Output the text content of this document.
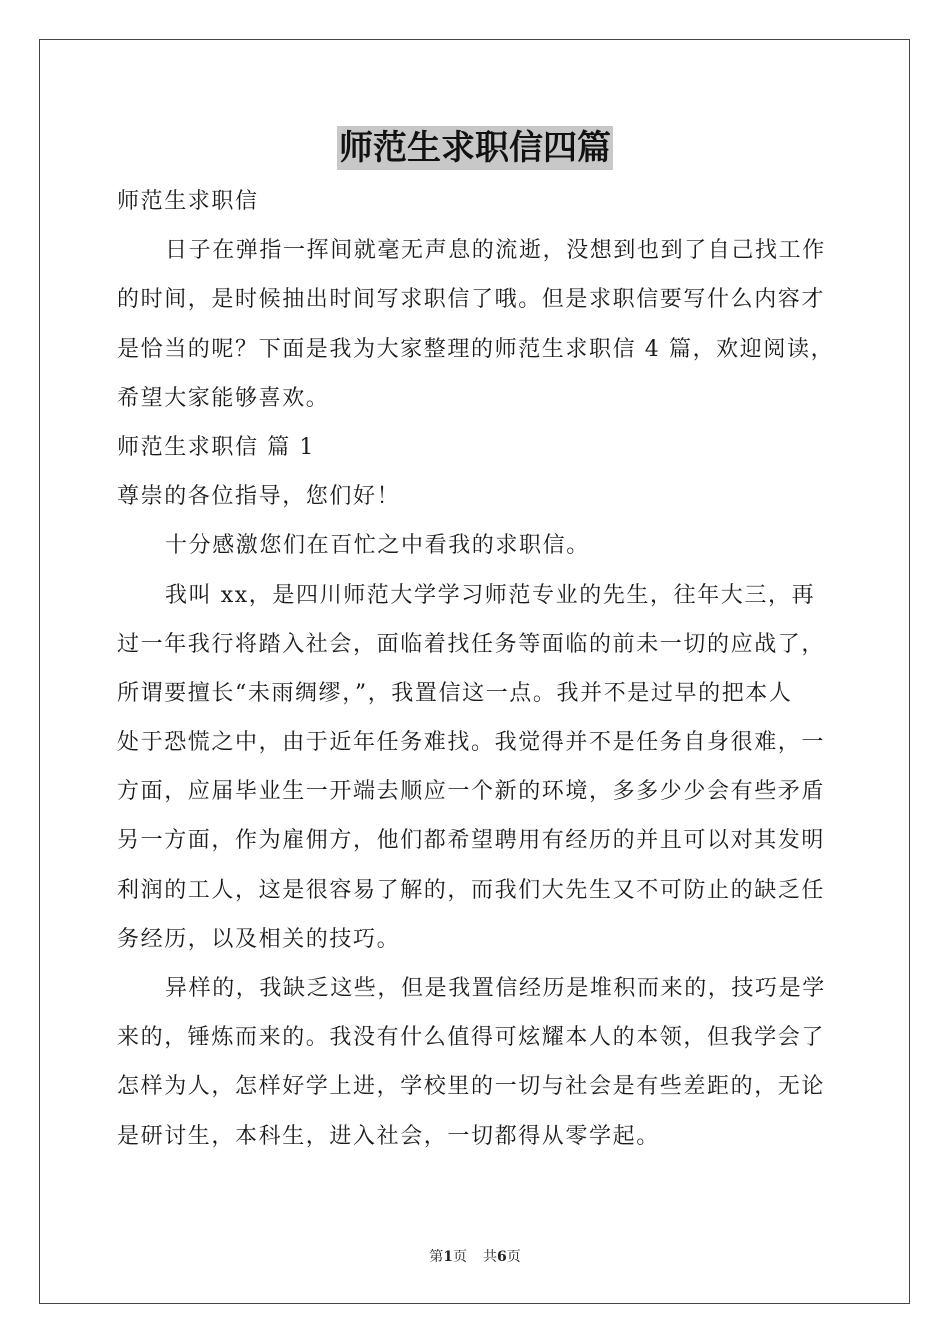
师范生求职信四篇
师范生求职信
日子在弹指一挥间就毫无声息的流逝，没想到也到了自己找工作
的时间，是时候抽出时间写求职信了哦。但是求职信要写什么内容才
是恰当的呢？下面是我为大家整理的师范生求职信 4 篇，欢迎阅读，
希望大家能够喜欢。
师范生求职信 篇 1
尊崇的各位指导，您们好！
十分感激您们在百忙之中看我的求职信。
我叫 xx，是四川师范大学学习师范专业的先生，往年大三，再
过一年我行将踏入社会，面临着找任务等面临的前未一切的应战了，
所谓要擅长“未雨绸缪，”，我置信这一点。我并不是过早的把本人
处于恐慌之中，由于近年任务难找。我觉得并不是任务自身很难，一
方面，应届毕业生一开端去顺应一个新的环境，多多少少会有些矛盾
另一方面，作为雇佣方，他们都希望聘用有经历的并且可以对其发明
利润的工人，这是很容易了解的，而我们大先生又不可防止的缺乏任
务经历，以及相关的技巧。
异样的，我缺乏这些，但是我置信经历是堆积而来的，技巧是学
来的，锤炼而来的。我没有什么值得可炫耀本人的本领，但我学会了
怎样为人，怎样好学上进，学校里的一切与社会是有些差距的，无论
是研讨生，本科生，进入社会，一切都得从零学起。
第1页 共6页
